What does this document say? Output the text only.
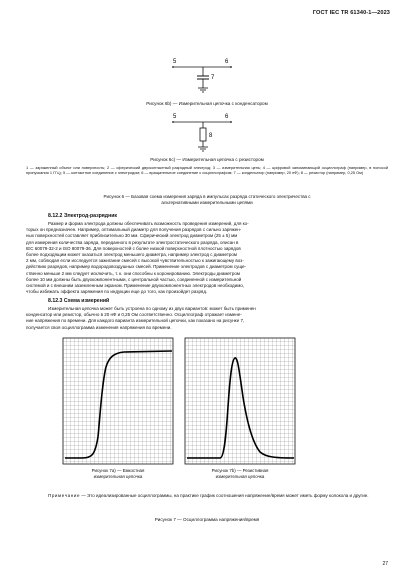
ГОСТ IEC TR 61340-1—2023
5	6
7
Рисунок 6b) — Измерительная цепочка с конденсатором
5	6
8
Рисунок 6с) — Измерительная цепочка с резистором
1 — заряженный объект или поверхность; 2 — сферический двухконтактный разрядный электрод; 3 — измерительная цепь; 4 — цифровой запоминающий осциллограф (например, в полосой пропускания 1 ГГц); 5 — контактное соединение с электродом; 6 — вращательное соединение с осциллографом; 7 — конденсатор (например, 20 нФ); 8 — резистор (например, 0,25 Ом)
Рисунок 6 — Базовая схема измерения заряда в импульсах разряда статического электричества с альтернативными измерительными цепями
8.12.2 Электрод-разрядник
Размер и форма электрода должны обеспечивать возможность проведения измерений, для ко-
торых он предназначен. Например, оптимальный диаметр для получения разрядов с сильно заряжен-
ных поверхностей составляет приблизительно 30 мм. Сферический электрод диаметром (25 ± 5) мм
для измерения количества заряда, переданного в результате электростатического разряда, описан в
IEC 60079-32-2 и ISO 80079-36. Для поверхностей с более низкой поверхностной плотностью зарядов
более подходящим может оказаться электрод меньшего диаметра, например электрод с диаметром
2 мм, соблюдая если исследуется зажигание смесей с высокой чувствительностью к зажигающему воз-
действию разрядов, например водородовоздушных смесей. Применение электродов с диаметром суще-
ственно меньше 2 мм следует исключить, т. к. они способны к коронированию. Электроды диаметром
более 10 мм должны быть двухкомпонентными, с центральной частью, соединенной с измерительной
системой и с внешним заземленным экраном. Применение двухкомпонентных электродов необходимо,
чтобы избежать эффекта заряжения по индукции еще до того, как произойдет разряд.
8.12.3 Схема измерений
Измерительная цепочка может быть устроена по одному из двух вариантов: может быть применен
конденсатор или резистор, обычно в 20 нФ и 0,25 Ом соответственно. Осциллограф отражает измене-
ние напряжения по времени. Для каждого варианта измерительной цепочки, как показано на рисунке 7,
получается своя осциллограмма изменения напряжения во времени.
Рисунок 7а) — Емкостная
измерительная цепочка
Рисунок 7b) — Резистивная
измерительная цепочка
Примечание — Это идеализированные осциллограммы, на практике график соотношения напряжение/время может иметь форму колокола и другие.
Рисунок 7 — Осциллограмма напряжения/время
27
